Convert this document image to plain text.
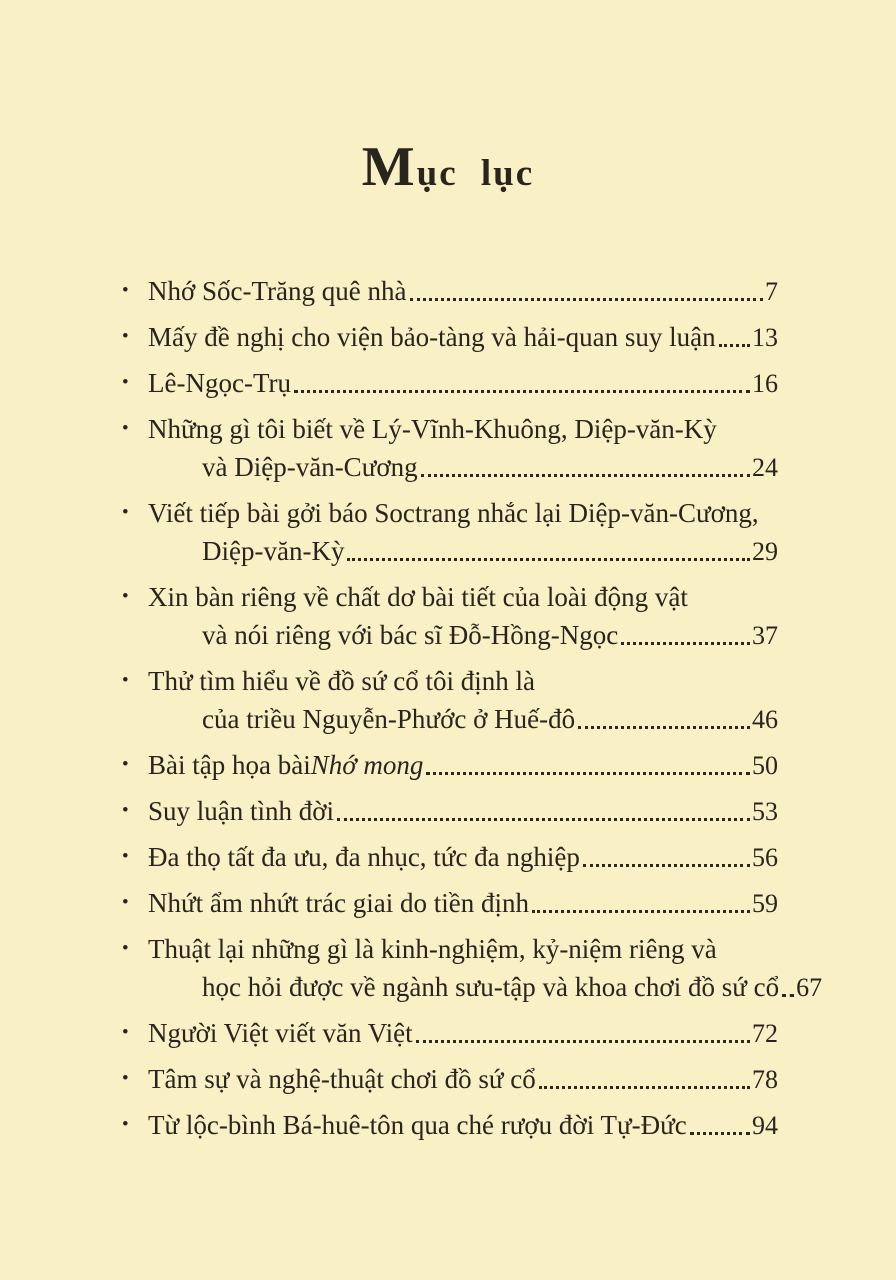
Mục lục
• Nhớ Sốc-Trăng quê nhà	7
• Mấy đề nghị cho viện bảo-tàng và hải-quan suy luận 13
• Lê-Ngọc-Trụ	16
• Những gì tôi biết về Lý-Vĩnh-Khuông, Diệp-văn-Kỳ
và Diệp-văn-Cương	24
• Viết tiếp bài gởi báo Soctrang nhắc lại Diệp-văn-Cương,
Diệp-văn-Kỳ	29
• Xin bàn riêng về chất dơ bài tiết của loài động vật
và nói riêng với bác sĩ Đỗ-Hồng-Ngọc	37
• Thử tìm hiểu về đồ sứ cổ tôi định là
của triều Nguyễn-Phước ở Huế-đô	46
• Bài tập họa bài Nhớ mong	50
• Suy luận tình đời	53
• Đa thọ tất đa ưu, đa nhục, tức đa nghiệp	56
• Nhứt ẩm nhứt trác giai do tiền định	59
• Thuật lại những gì là kinh-nghiệm, kỷ-niệm riêng và
học hỏi được về ngành sưu-tập và khoa chơi đồ sứ cổ 67
• Người Việt viết văn Việt	72
• Tâm sự và nghệ-thuật chơi đồ sứ cổ	78
• Từ lộc-bình Bá-huê-tôn qua ché rượu đời Tự-Đức	94
